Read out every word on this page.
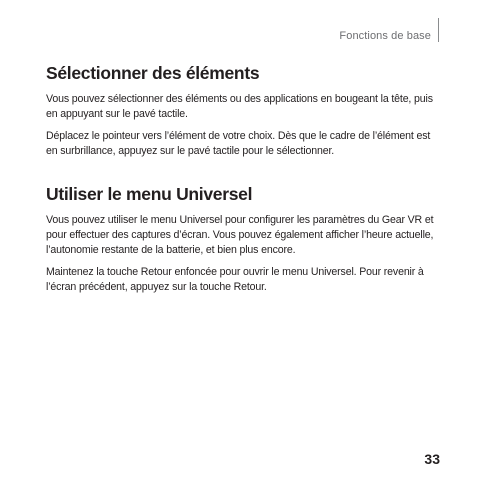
Fonctions de base
Sélectionner des éléments

Vous pouvez sélectionner des éléments ou des applications en bougeant la tête, puis en appuyant sur le pavé tactile.

Déplacez le pointeur vers l’élément de votre choix. Dès que le cadre de l’élément est en surbrillance, appuyez sur le pavé tactile pour le sélectionner.

Utiliser le menu Universel

Vous pouvez utiliser le menu Universel pour configurer les paramètres du Gear VR et pour effectuer des captures d’écran. Vous pouvez également afficher l’heure actuelle, l’autonomie restante de la batterie, et bien plus encore.

Maintenez la touche Retour enfoncée pour ouvrir le menu Universel. Pour revenir à l’écran précédent, appuyez sur la touche Retour.

33
